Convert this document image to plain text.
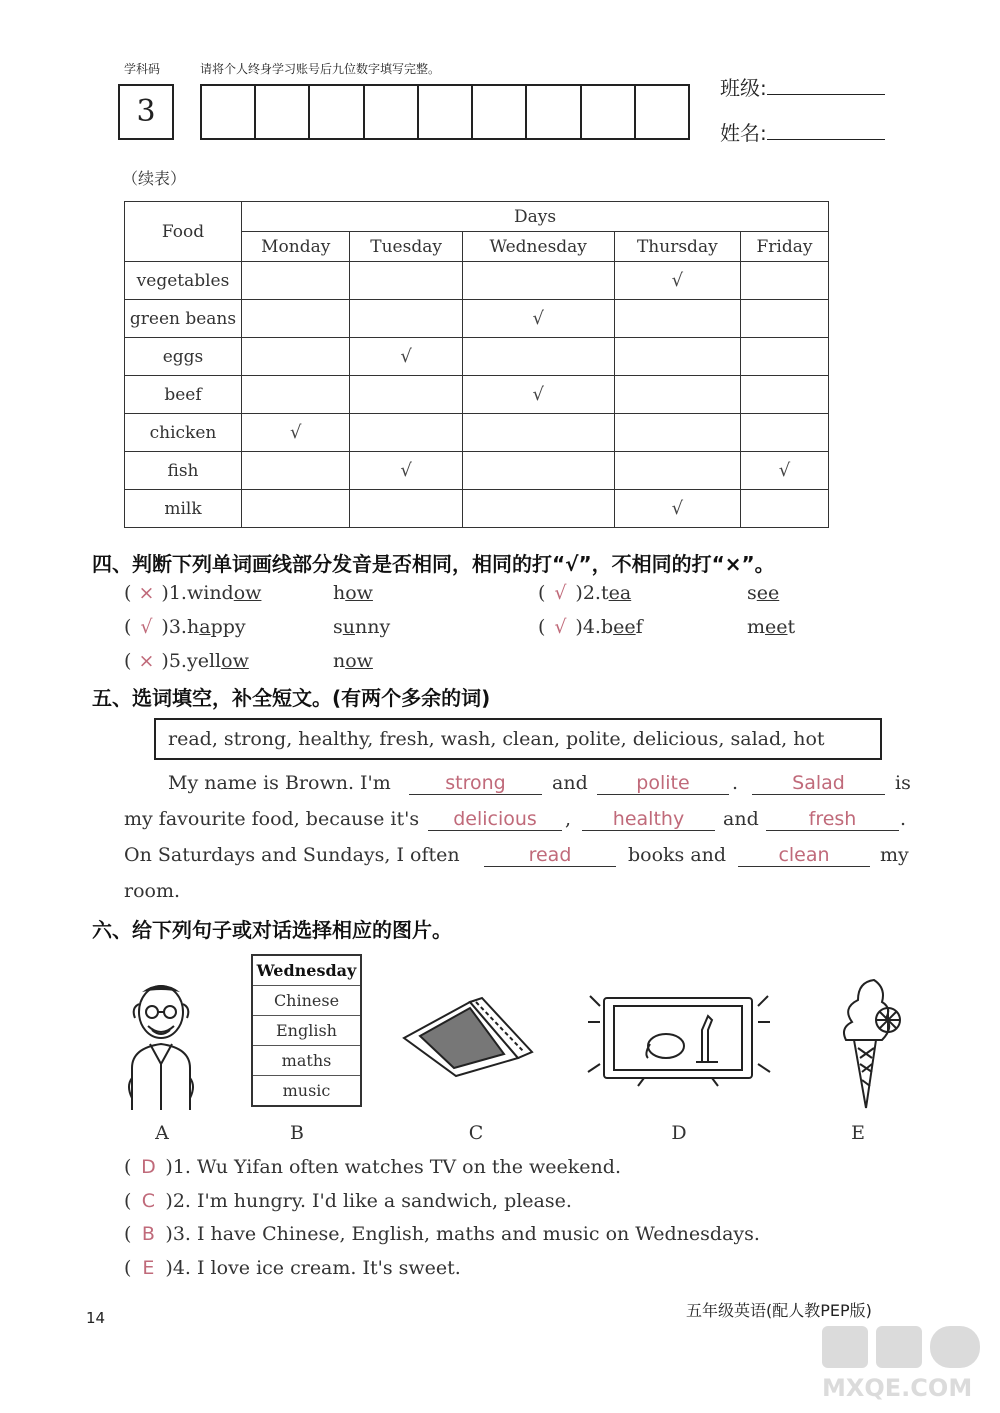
学科码	请将个人终身学习账号后九位数字填写完整。
3
班级:
姓名:
（续表）
Food	Days				
	Monday	Tuesday	Wednesday	Thursday	Friday
vegetables				√	
green beans			√		
eggs		√			
beef			√		
chicken	√				
fish		√			√
milk				√	
四、判断下列单词画线部分发音是否相同，相同的打“√”，不相同的打“×”。
( × )1.window	how	( √ )2.tea	see
( √ )3.happy	sunny	( √ )4.beef	meet
( × )5.yellow	now
五、选词填空，补全短文。(有两个多余的词)
read, strong, healthy, fresh, wash, clean, polite, delicious, salad, hot
My name is Brown. I'm	strong	and	polite	.	Salad	is
my favourite food, because it's	delicious	,	healthy	and	fresh	.
On Saturdays and Sundays, I often	read	books and	clean	my
room.
六、给下列句子或对话选择相应的图片。
Wednesday
Chinese
English
maths
music
A	B	C	D	E
( D )1. Wu Yifan often watches TV on the weekend.
( C )2. I'm hungry. I'd like a sandwich, please.
( B )3. I have Chinese, English, maths and music on Wednesdays.
( E )4. I love ice cream. It's sweet.
14	五年级英语(配人教PEP版)
MXQE.COM
